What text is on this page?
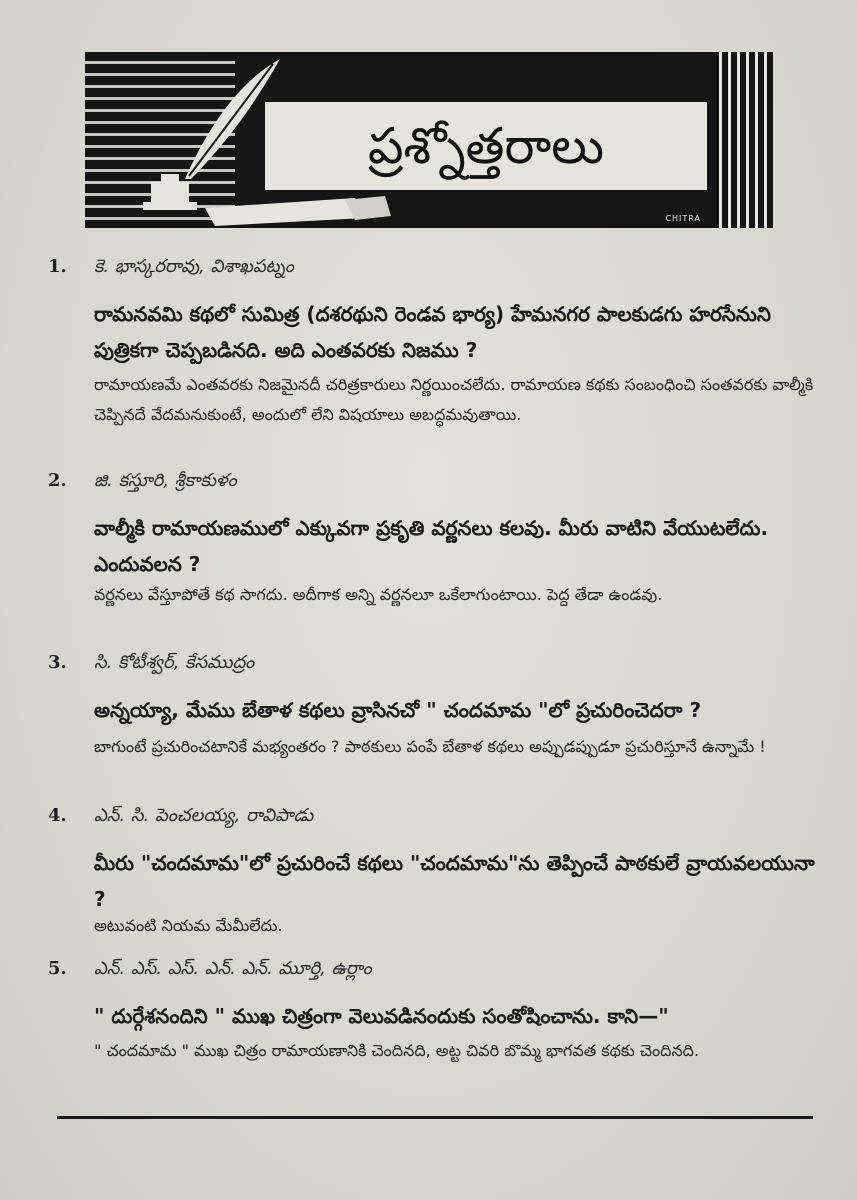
ప్రశ్నోత్తరాలు
CHITRA
1.	కె. భాస్కరరావు, విశాఖపట్నం
రామనవమి కథలో సుమిత్ర (దశరథుని రెండవ భార్య) హేమనగర పాలకుడగు హరసేనుని పుత్రికగా చెప్పబడినది. అది ఎంతవరకు నిజము ?
రామాయణమే ఎంతవరకు నిజమైనదీ చరిత్రకారులు నిర్ణయించలేదు. రామాయణ కథకు సంబంధించి సంతవరకు వాల్మీకి చెప్పినదే వేదమనుకుంటే, అందులో లేని విషయాలు అబద్ధమవుతాయి.
2.	జి. కస్తూరి, శ్రీకాకుళం
వాల్మీకి రామాయణములో ఎక్కువగా ప్రకృతి వర్ణనలు కలవు. మీరు వాటిని వేయుటలేదు. ఎందువలన ?
వర్ణనలు వేస్తూపోతే కథ సాగదు. అదీగాక అన్ని వర్ణనలూ ఒకేలాగుంటాయి. పెద్ద తేడా ఉండవు.
3.	సి. కోటీశ్వర్, కేసముద్రం
అన్నయ్యా, మేము బేతాళ కథలు వ్రాసినచో " చందమామ "లో ప్రచురించెదరా ?
బాగుంటే ప్రచురించటానికే మభ్యంతరం ? పాఠకులు పంపే బేతాళ కథలు అప్పుడప్పుడూ ప్రచురిస్తూనే ఉన్నామే !
4.	ఎన్. సి. పెంచలయ్య, రావిపాడు
మీరు "చందమామ"లో ప్రచురించే కథలు "చందమామ"ను తెప్పించే పాఠకులే వ్రాయవలయునా ?
అటువంటి నియమ మేమీలేదు.
5.	ఎన్. ఎస్. ఎస్. ఎన్. ఎన్. మూర్తి, ఉర్లాం
" దుర్గేశనందిని " ముఖ చిత్రంగా వెలువడినందుకు సంతోషించాను. కాని—"
" చందమామ " ముఖ చిత్రం రామాయణానికి చెందినది, అట్ట చివరి బొమ్మ భాగవత కథకు చెందినది.
